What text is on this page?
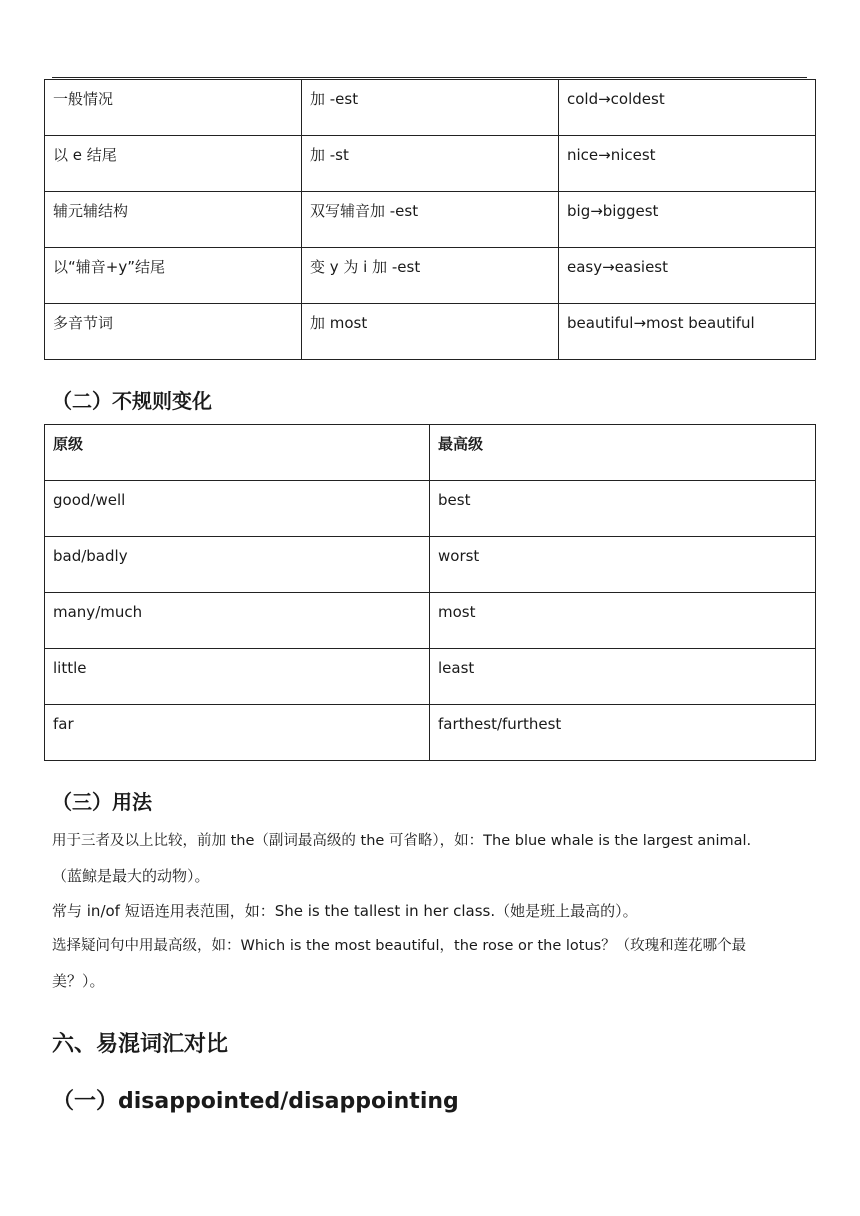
一般情况	加 -est	cold→coldest
以 e 结尾	加 -st	nice→nicest
辅元辅结构	双写辅音加 -est	big→biggest
以“辅音+y”结尾	变 y 为 i 加 -est	easy→easiest
多音节词	加 most	beautiful→most beautiful
（二）不规则变化
原级	最高级
good/well	best
bad/badly	worst
many/much	most
little	least
far	farthest/furthest
（三）用法

用于三者及以上比较，前加 the（副词最高级的 the 可省略），如：The blue whale is the largest animal.

（蓝鲸是最大的动物）。

常与 in/of 短语连用表范围，如：She is the tallest in her class.（她是班上最高的）。

选择疑问句中用最高级，如：Which is the most beautiful，the rose or the lotus？（玫瑰和莲花哪个最

美？）。

六、易混词汇对比
（一）disappointed/disappointing
